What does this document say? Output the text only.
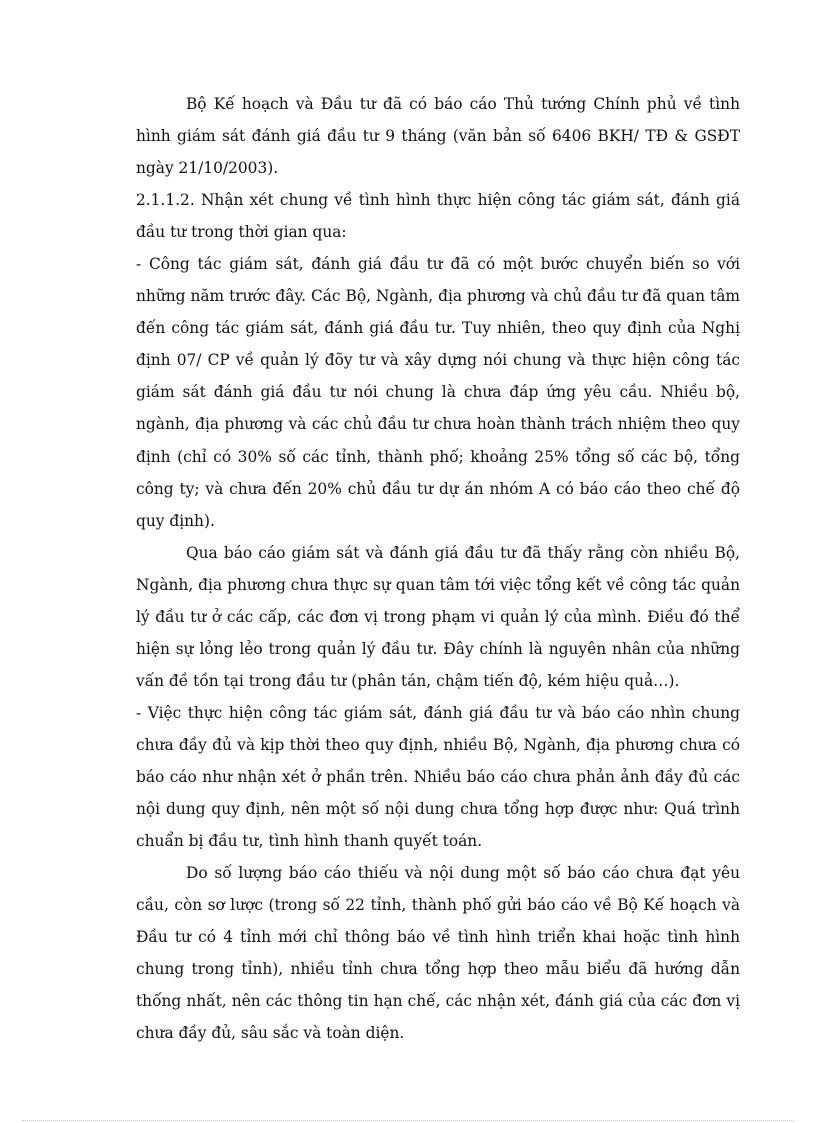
Bộ Kế hoạch và Đầu tư đã có báo cáo Thủ tướng Chính phủ về tình hình giám sát đánh giá đầu tư 9 tháng (văn bản số 6406 BKH/ TĐ & GSĐT ngày 21/10/2003).

2.1.1.2. Nhận xét chung về tình hình thực hiện công tác giám sát, đánh giá đầu tư trong thời gian qua:

- Công tác giám sát, đánh giá đầu tư đã có một bước chuyển biến so với những năm trước đây. Các Bộ, Ngành, địa phương và chủ đầu tư đã quan tâm đến công tác giám sát, đánh giá đầu tư. Tuy nhiên, theo quy định của Nghị định 07/ CP về quản lý đõy tư và xây dựng nói chung và thực hiện công tác giám sát đánh giá đầu tư nói chung là chưa đáp ứng yêu cầu. Nhiều bộ, ngành, địa phương và các chủ đầu tư chưa hoàn thành trách nhiệm theo quy định (chỉ có 30% số các tỉnh, thành phố; khoảng 25% tổng số các bộ, tổng công ty; và chưa đến 20% chủ đầu tư dự án nhóm A có báo cáo theo chế độ quy định).

Qua báo cáo giám sát và đánh giá đầu tư đã thấy rằng còn nhiều Bộ, Ngành, địa phương chưa thực sự quan tâm tới việc tổng kết về công tác quản lý đầu tư ở các cấp, các đơn vị trong phạm vi quản lý của mình. Điều đó thể hiện sự lỏng lẻo trong quản lý đầu tư. Đây chính là nguyên nhân của những vấn đề tồn tại trong đầu tư (phân tán, chậm tiến độ, kém hiệu quả…).

- Việc thực hiện công tác giám sát, đánh giá đầu tư và báo cáo nhìn chung chưa đầy đủ và kịp thời theo quy định, nhiều Bộ, Ngành, địa phương chưa có báo cáo như nhận xét ở phần trên. Nhiều báo cáo chưa phản ảnh đầy đủ các nội dung quy định, nên một số nội dung chưa tổng hợp được như: Quá trình chuẩn bị đầu tư, tình hình thanh quyết toán.

Do số lượng báo cáo thiếu và nội dung một số báo cáo chưa đạt yêu cầu, còn sơ lược (trong số 22 tỉnh, thành phố gửi báo cáo về Bộ Kế hoạch và Đầu tư có 4 tỉnh mới chỉ thông báo về tình hình triển khai hoặc tình hình chung trong tỉnh), nhiều tỉnh chưa tổng hợp theo mẫu biểu đã hướng dẫn thống nhất, nên các thông tin hạn chế, các nhận xét, đánh giá của các đơn vị chưa đầy đủ, sâu sắc và toàn diện.
